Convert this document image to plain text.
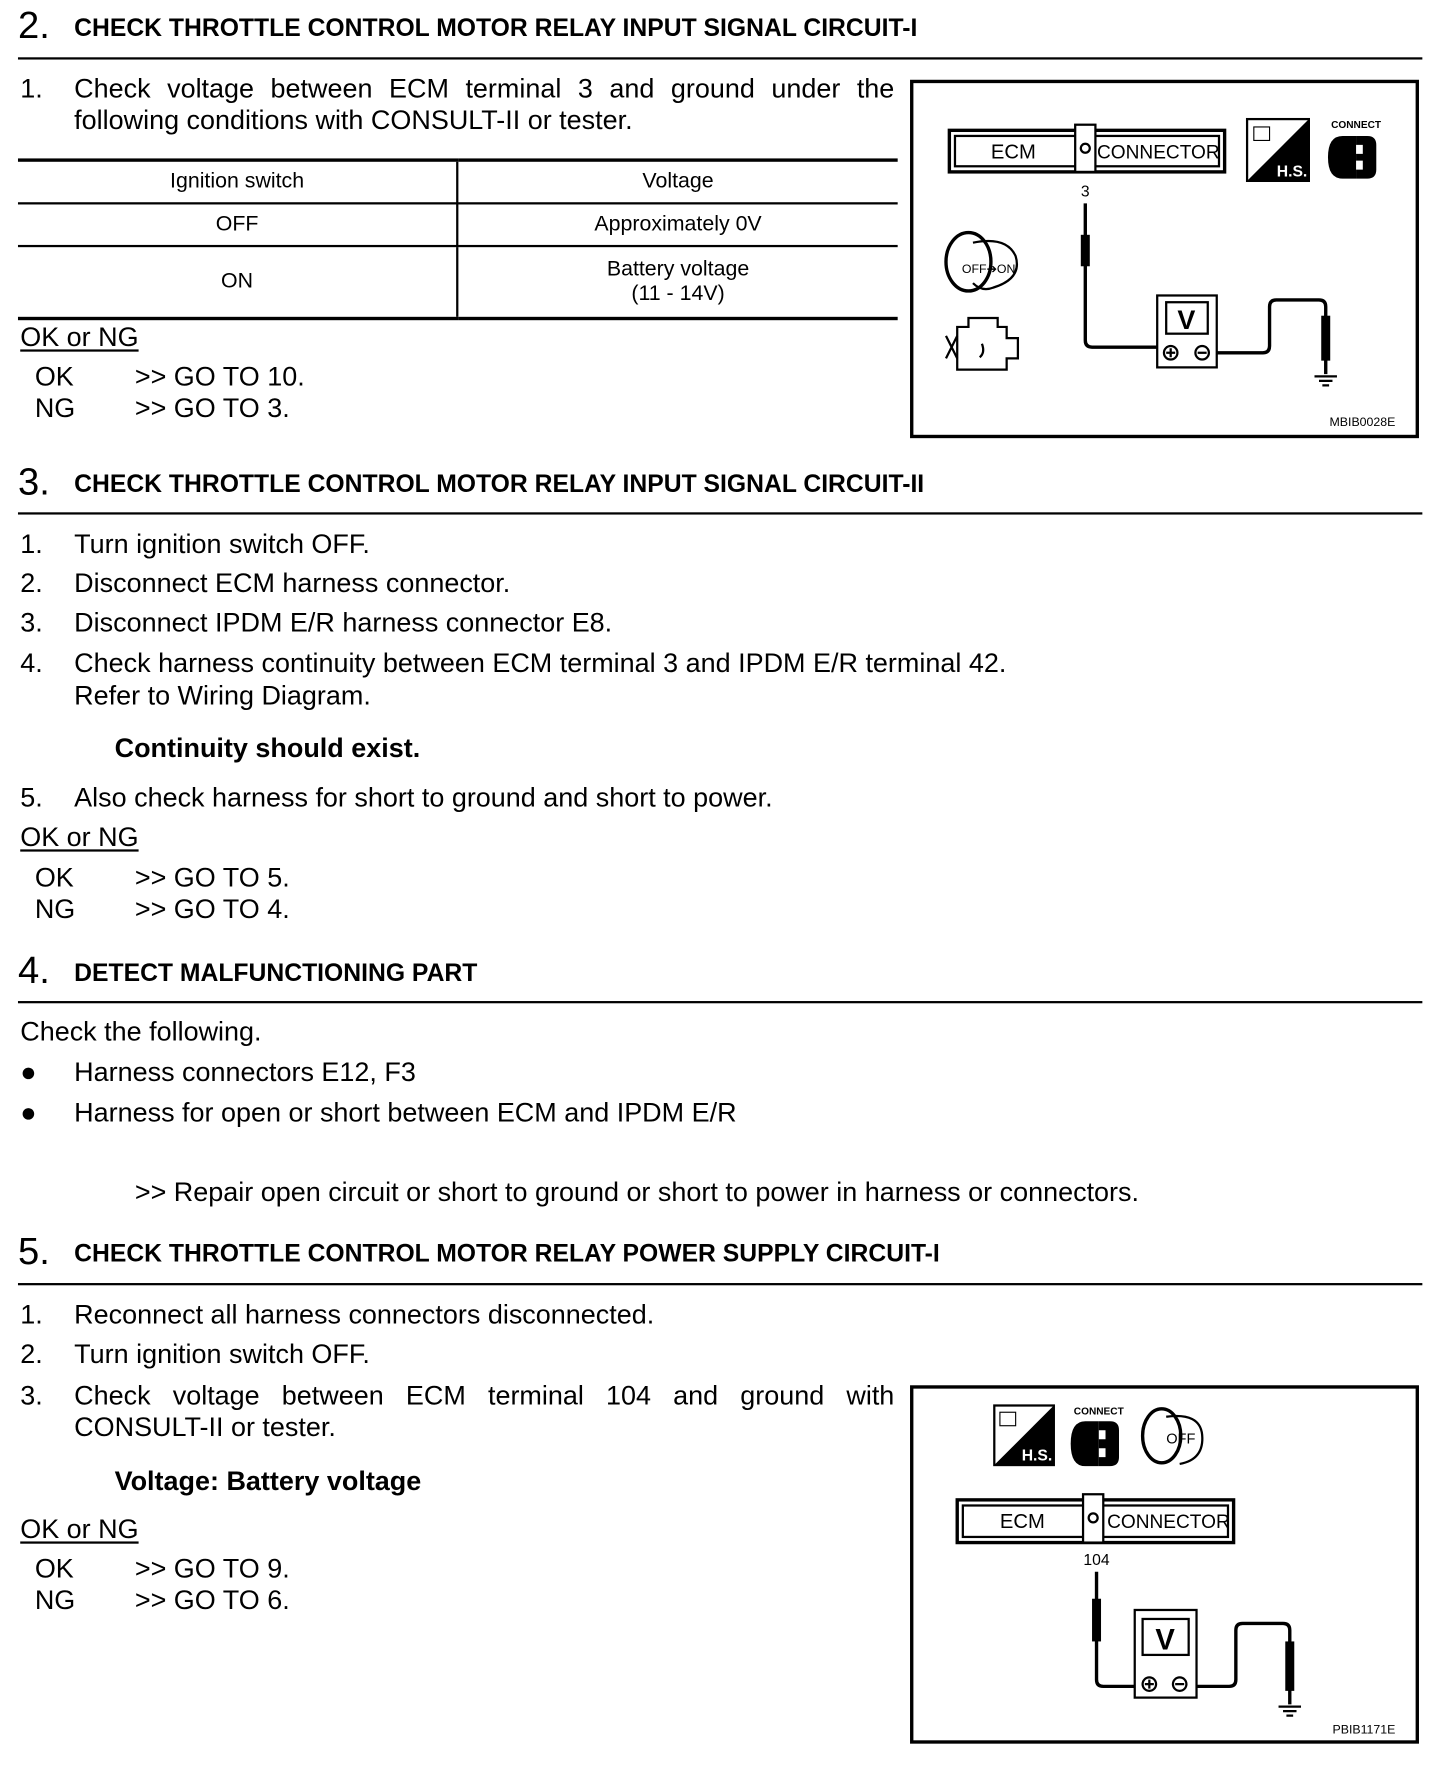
2. CHECK THROTTLE CONTROL MOTOR RELAY INPUT SIGNAL CIRCUIT-I
1. Check voltage between ECM terminal 3 and ground under the following conditions with CONSULT-II or tester.
Ignition switch	Voltage
OFF	Approximately 0V
ON	Battery voltage
(11 - 14V)
OK or NG
OK	>> GO TO 10.
NG >> GO TO 3.
ECM	CONNECTOR
H.S.
CONNECT
3
V
OFF➔ON
MBIB0028E
3. CHECK THROTTLE CONTROL MOTOR RELAY INPUT SIGNAL CIRCUIT-II
1. Turn ignition switch OFF.
2. Disconnect ECM harness connector.
3. Disconnect IPDM E/R harness connector E8.
4. Check harness continuity between ECM terminal 3 and IPDM E/R terminal 42.
Refer to Wiring Diagram.
Continuity should exist.
5. Also check harness for short to ground and short to power.
OK or NG
OK	>> GO TO 5.
NG >> GO TO 4.
4. DETECT MALFUNCTIONING PART
Check the following.
● Harness connectors E12, F3
● Harness for open or short between ECM and IPDM E/R
>> Repair open circuit or short to ground or short to power in harness or connectors.
5. CHECK THROTTLE CONTROL MOTOR RELAY POWER SUPPLY CIRCUIT-I
1. Reconnect all harness connectors disconnected.
2. Turn ignition switch OFF.
3. Check voltage between ECM terminal 104 and ground with CONSULT-II or tester.
Voltage: Battery voltage
OK or NG
OK	>> GO TO 9.
NG >> GO TO 6.
H.S.
CONNECT
OFF
ECM	CONNECTOR
104
V
PBIB1171E
